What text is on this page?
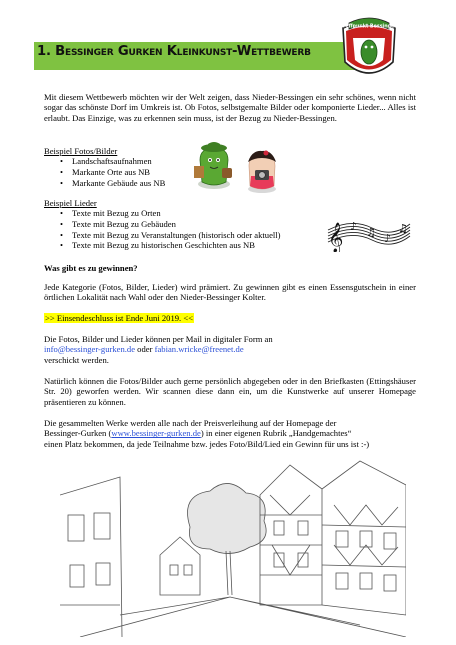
1. Bessinger Gurken Kleinkunst-Wettbewerb
Treffpunkt Bessingen
Mit diesem Wettbewerb möchten wir der Welt zeigen, dass Nieder-Bessingen ein sehr schönes, wenn nicht sogar das schönste Dorf im Umkreis ist. Ob Fotos, selbstgemalte Bilder oder komponierte Lieder... Alles ist erlaubt. Das Einzige, was zu erkennen sein muss, ist der Bezug zu Nieder-Bessingen.
Beispiel Fotos/Bilder
• Landschaftsaufnahmen
• Markante Orte aus NB
• Markante Gebäude aus NB
Beispiel Lieder
• Texte mit Bezug zu Orten
• Texte mit Bezug zu Gebäuden
• Texte mit Bezug zu Veranstaltungen (historisch oder aktuell)
• Texte mit Bezug zu historischen Geschichten aus NB	𝄞 ♪ ♫ ♪
♫
Was gibt es zu gewinnen?
Jede Kategorie (Fotos, Bilder, Lieder) wird prämiert. Zu gewinnen gibt es einen Essensgutschein in einer örtlichen Lokalität nach Wahl oder den Nieder-Bessinger Kolter.
>> Einsendeschluss ist Ende Juni 2019. <<
Die Fotos, Bilder und Lieder können per Mail in digitaler Form an
info@bessinger-gurken.de oder fabian.wricke@freenet.de
verschickt werden.
Natürlich können die Fotos/Bilder auch gerne persönlich abgegeben oder in den Briefkasten (Ettingshäuser Str. 20) geworfen werden. Wir scannen diese dann ein, um die Kunstwerke auf unserer Homepage präsentieren zu können.
Die gesammelten Werke werden alle nach der Preisverleihung auf der Homepage der
Bessinger-Gurken (www.bessinger-gurken.de) in einer eigenen Rubrik „Handgemachtes“
einen Platz bekommen, da jede Teilnahme bzw. jedes Foto/Bild/Lied ein Gewinn für uns ist :-)
